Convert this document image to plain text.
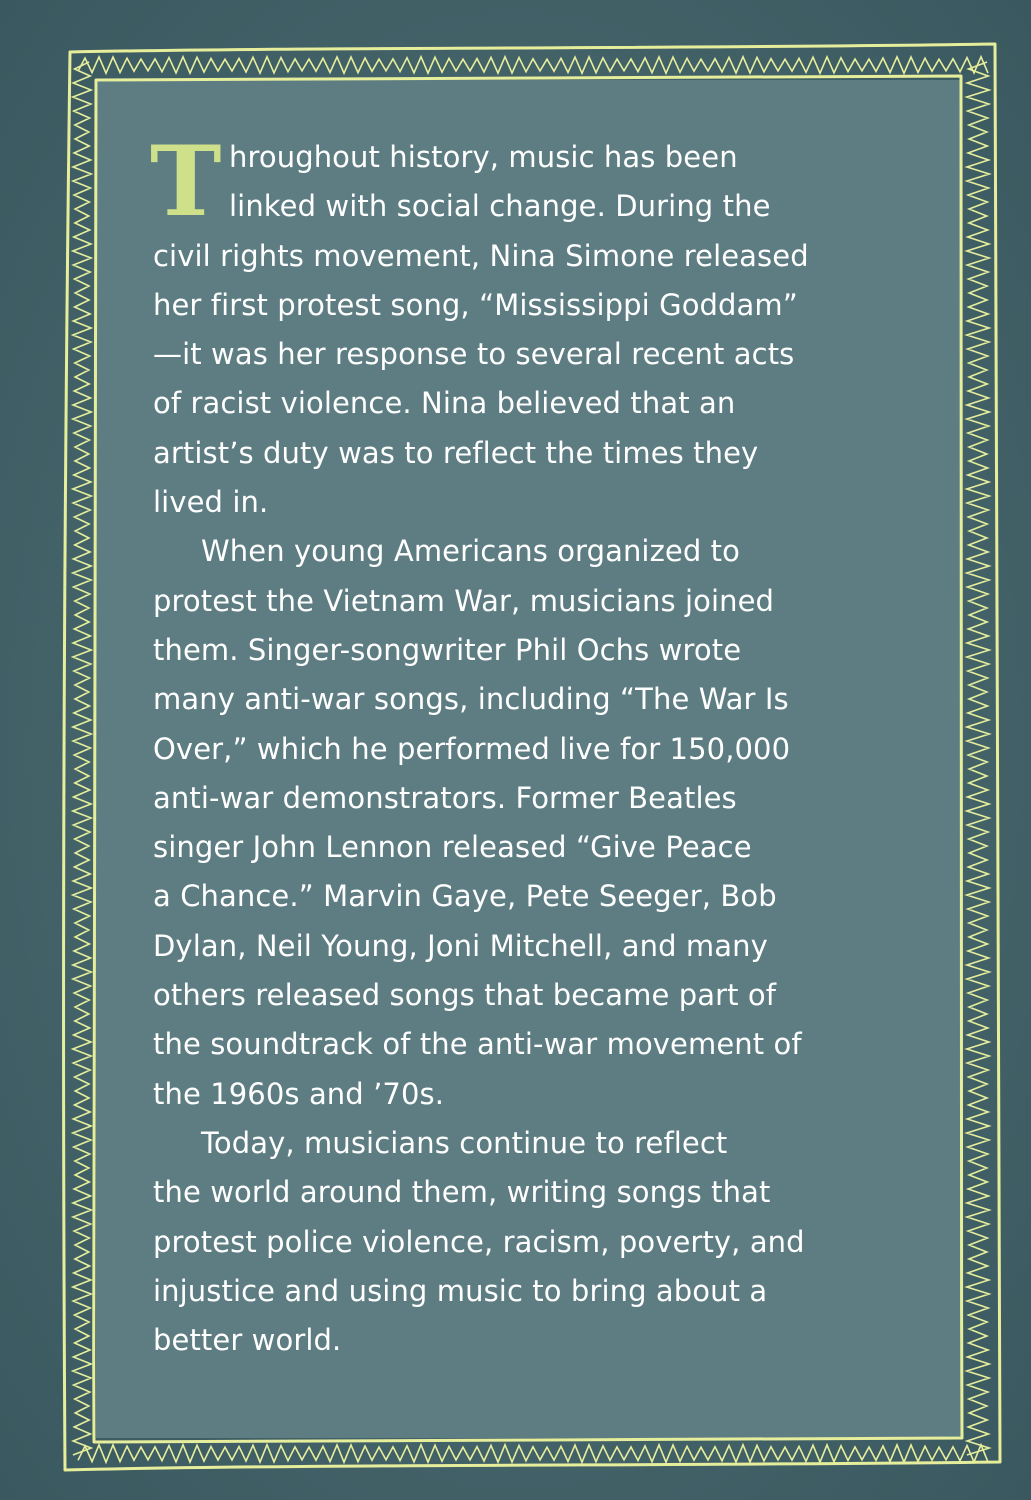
T hroughout history, music has been
linked with social change. During the
civil rights movement, Nina Simone released
her first protest song, “Mississippi Goddam”
—it was her response to several recent acts
of racist violence. Nina believed that an
artist’s duty was to reflect the times they
lived in.
When young Americans organized to
protest the Vietnam War, musicians joined
them. Singer-songwriter Phil Ochs wrote
many anti-war songs, including “The War Is
Over,” which he performed live for 150,000
anti-war demonstrators. Former Beatles
singer John Lennon released “Give Peace
a Chance.” Marvin Gaye, Pete Seeger, Bob
Dylan, Neil Young, Joni Mitchell, and many
others released songs that became part of
the soundtrack of the anti-war movement of
the 1960s and ’70s.
Today, musicians continue to reflect
the world around them, writing songs that
protest police violence, racism, poverty, and
injustice and using music to bring about a
better world.
